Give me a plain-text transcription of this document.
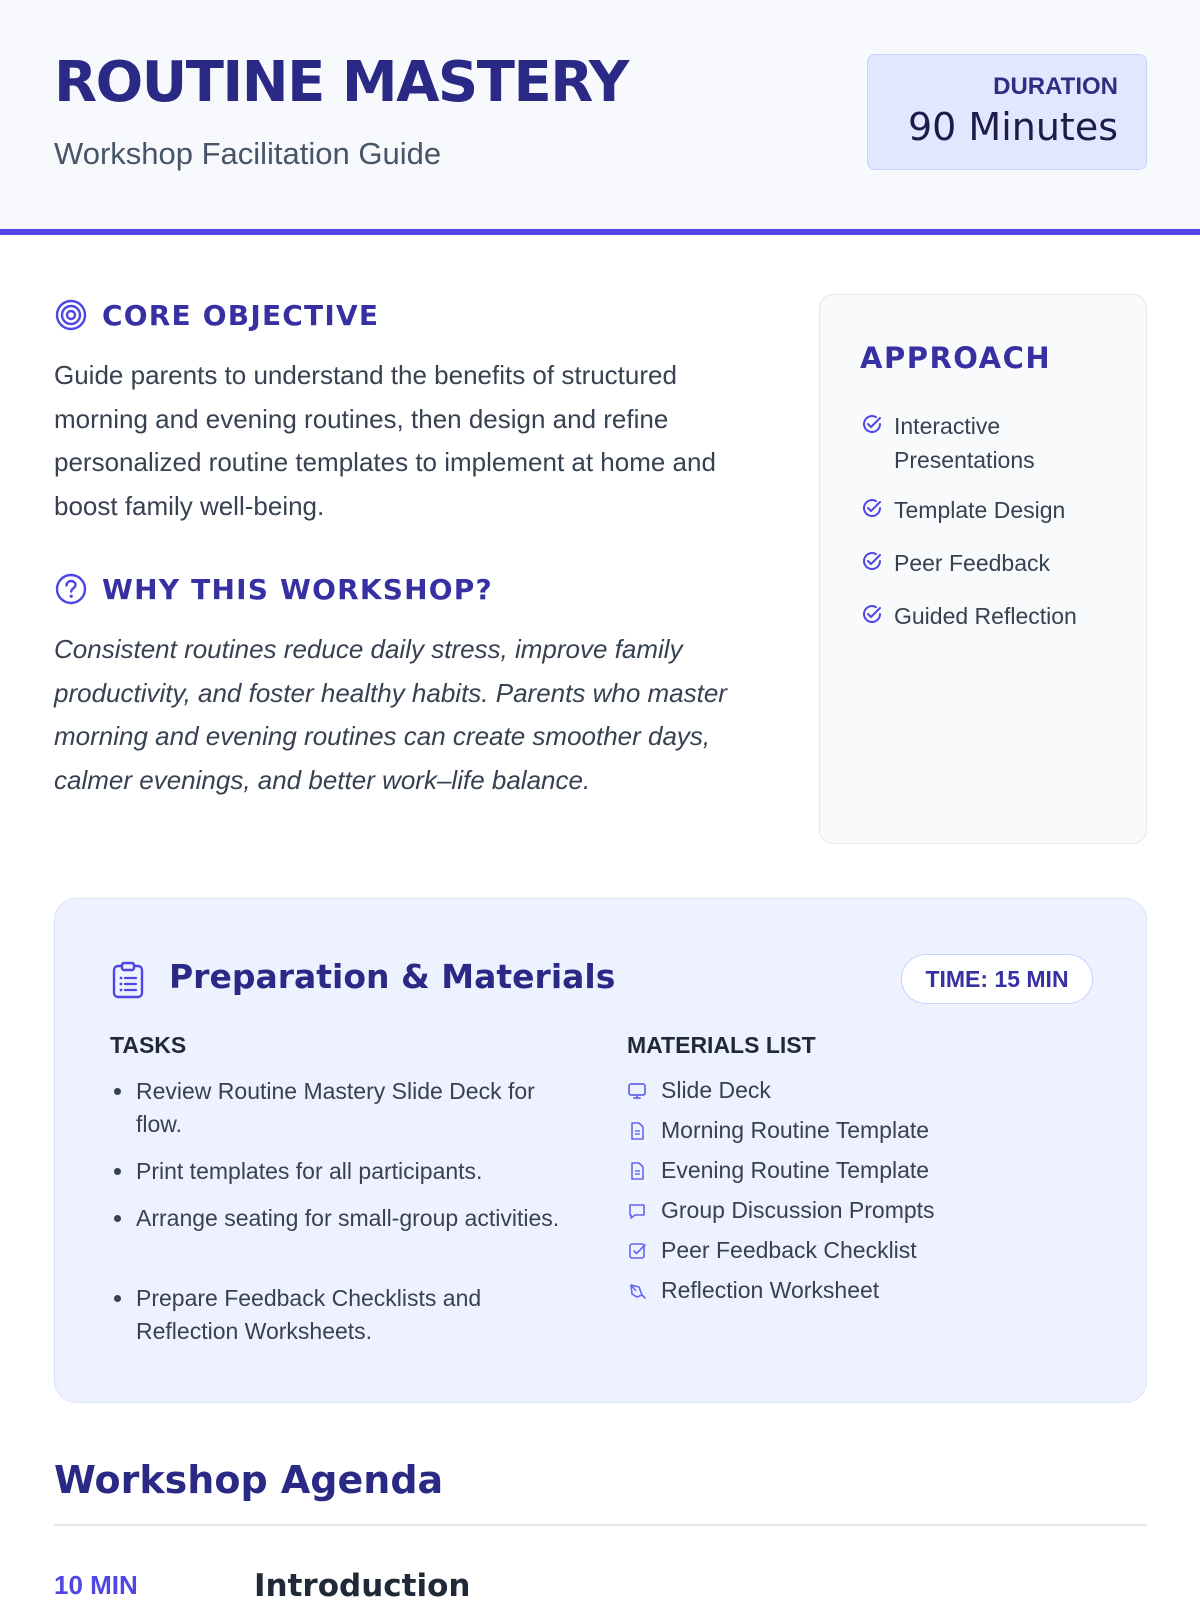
ROUTINE MASTERY
Workshop Facilitation Guide
DURATION
90 Minutes
CORE OBJECTIVE
Guide parents to understand the benefits of structured morning and evening routines, then design and refine personalized routine templates to implement at home and boost family well-being.
WHY THIS WORKSHOP?
Consistent routines reduce daily stress, improve family productivity, and foster healthy habits. Parents who master morning and evening routines can create smoother days, calmer evenings, and better work–life balance.
APPROACH
Interactive Presentations
Template Design
Peer Feedback
Guided Reflection
Preparation & Materials	TIME: 15 MIN
TASKS
Review Routine Mastery Slide Deck for flow.
Print templates for all participants.
Arrange seating for small-group activities.
Prepare Feedback Checklists and Reflection Worksheets.
MATERIALS LIST
Slide Deck
Morning Routine Template
Evening Routine Template
Group Discussion Prompts
Peer Feedback Checklist
Reflection Worksheet
Workshop Agenda
10 MIN	Introduction
